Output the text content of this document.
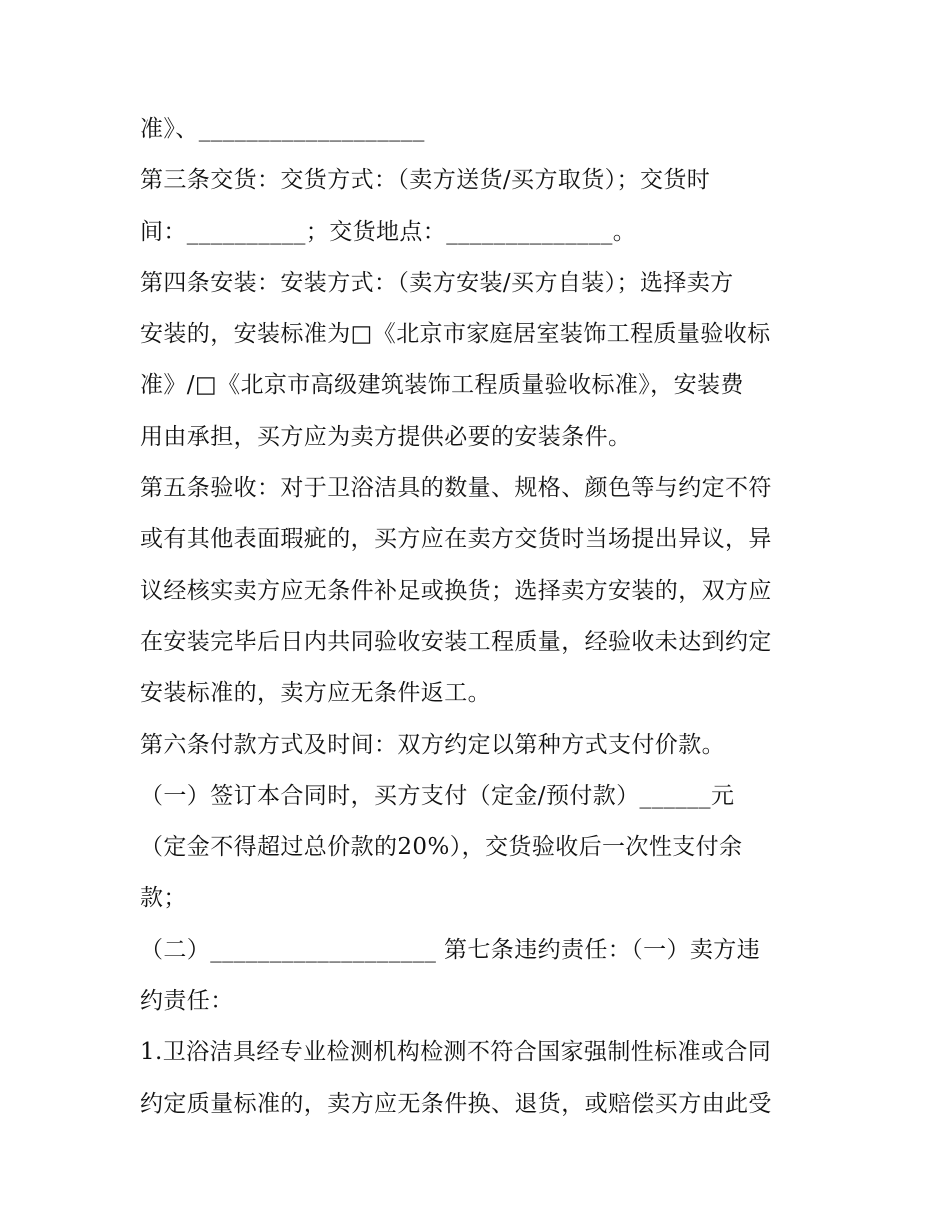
准》、___________________
第三条交货：交货方式：（卖方送货/买方取货）；交货时
间：__________；交货地点：______________。
第四条安装：安装方式：（卖方安装/买方自装）；选择卖方
安装的，安装标准为□《北京市家庭居室装饰工程质量验收标
准》/□《北京市高级建筑装饰工程质量验收标准》，安装费
用由承担，买方应为卖方提供必要的安装条件。
第五条验收：对于卫浴洁具的数量、规格、颜色等与约定不符
或有其他表面瑕疵的，买方应在卖方交货时当场提出异议，异
议经核实卖方应无条件补足或换货；选择卖方安装的，双方应
在安装完毕后日内共同验收安装工程质量，经验收未达到约定
安装标准的，卖方应无条件返工。
第六条付款方式及时间：双方约定以第种方式支付价款。
（一）签订本合同时，买方支付（定金/预付款）______元
（定金不得超过总价款的20%），交货验收后一次性支付余
款；
（二）___________________ 第七条违约责任：（一）卖方违
约责任：
1.卫浴洁具经专业检测机构检测不符合国家强制性标准或合同
约定质量标准的，卖方应无条件换、退货，或赔偿买方由此受
